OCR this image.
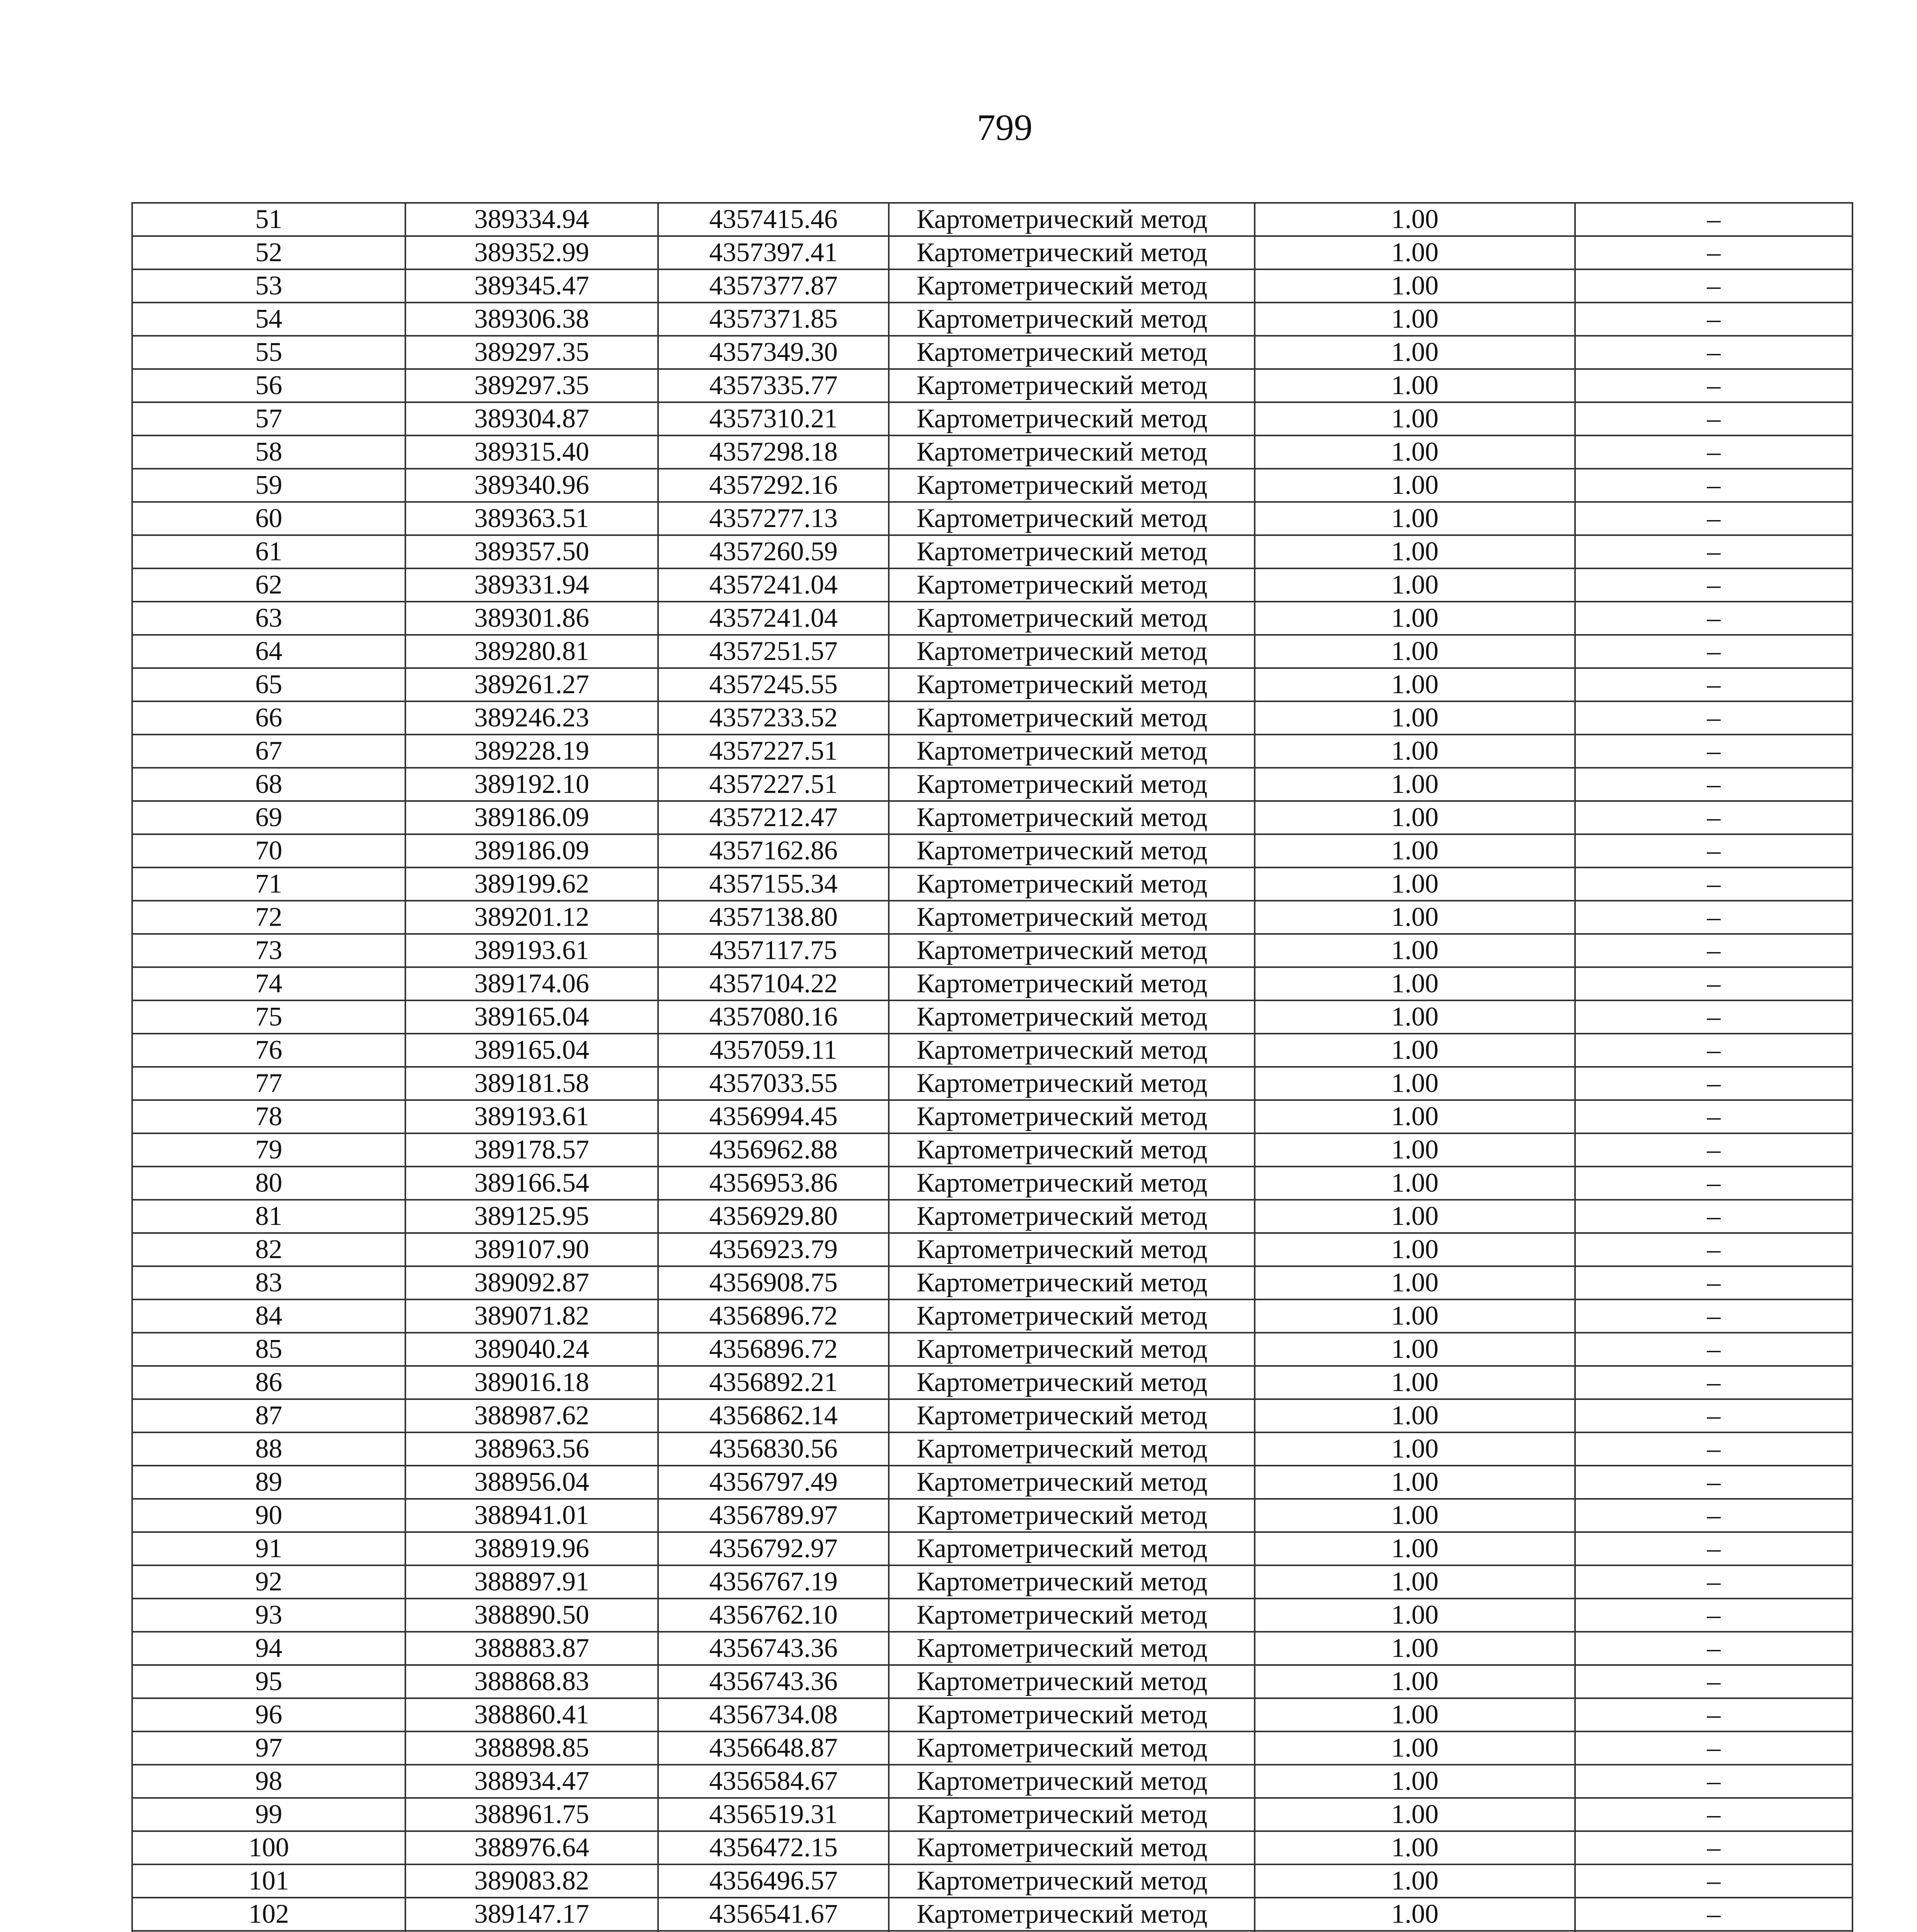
799
51	389334.94	4357415.46	Картометрический метод	1.00	–
52	389352.99	4357397.41	Картометрический метод	1.00	–
53	389345.47	4357377.87	Картометрический метод	1.00	–
54	389306.38	4357371.85	Картометрический метод	1.00	–
55	389297.35	4357349.30	Картометрический метод	1.00	–
56	389297.35	4357335.77	Картометрический метод	1.00	–
57	389304.87	4357310.21	Картометрический метод	1.00	–
58	389315.40	4357298.18	Картометрический метод	1.00	–
59	389340.96	4357292.16	Картометрический метод	1.00	–
60	389363.51	4357277.13	Картометрический метод	1.00	–
61	389357.50	4357260.59	Картометрический метод	1.00	–
62	389331.94	4357241.04	Картометрический метод	1.00	–
63	389301.86	4357241.04	Картометрический метод	1.00	–
64	389280.81	4357251.57	Картометрический метод	1.00	–
65	389261.27	4357245.55	Картометрический метод	1.00	–
66	389246.23	4357233.52	Картометрический метод	1.00	–
67	389228.19	4357227.51	Картометрический метод	1.00	–
68	389192.10	4357227.51	Картометрический метод	1.00	–
69	389186.09	4357212.47	Картометрический метод	1.00	–
70	389186.09	4357162.86	Картометрический метод	1.00	–
71	389199.62	4357155.34	Картометрический метод	1.00	–
72	389201.12	4357138.80	Картометрический метод	1.00	–
73	389193.61	4357117.75	Картометрический метод	1.00	–
74	389174.06	4357104.22	Картометрический метод	1.00	–
75	389165.04	4357080.16	Картометрический метод	1.00	–
76	389165.04	4357059.11	Картометрический метод	1.00	–
77	389181.58	4357033.55	Картометрический метод	1.00	–
78	389193.61	4356994.45	Картометрический метод	1.00	–
79	389178.57	4356962.88	Картометрический метод	1.00	–
80	389166.54	4356953.86	Картометрический метод	1.00	–
81	389125.95	4356929.80	Картометрический метод	1.00	–
82	389107.90	4356923.79	Картометрический метод	1.00	–
83	389092.87	4356908.75	Картометрический метод	1.00	–
84	389071.82	4356896.72	Картометрический метод	1.00	–
85	389040.24	4356896.72	Картометрический метод	1.00	–
86	389016.18	4356892.21	Картометрический метод	1.00	–
87	388987.62	4356862.14	Картометрический метод	1.00	–
88	388963.56	4356830.56	Картометрический метод	1.00	–
89	388956.04	4356797.49	Картометрический метод	1.00	–
90	388941.01	4356789.97	Картометрический метод	1.00	–
91	388919.96	4356792.97	Картометрический метод	1.00	–
92	388897.91	4356767.19	Картометрический метод	1.00	–
93	388890.50	4356762.10	Картометрический метод	1.00	–
94	388883.87	4356743.36	Картометрический метод	1.00	–
95	388868.83	4356743.36	Картометрический метод	1.00	–
96	388860.41	4356734.08	Картометрический метод	1.00	–
97	388898.85	4356648.87	Картометрический метод	1.00	–
98	388934.47	4356584.67	Картометрический метод	1.00	–
99	388961.75	4356519.31	Картометрический метод	1.00	–
100	388976.64	4356472.15	Картометрический метод	1.00	–
101	389083.82	4356496.57	Картометрический метод	1.00	–
102	389147.17	4356541.67	Картометрический метод	1.00	–
